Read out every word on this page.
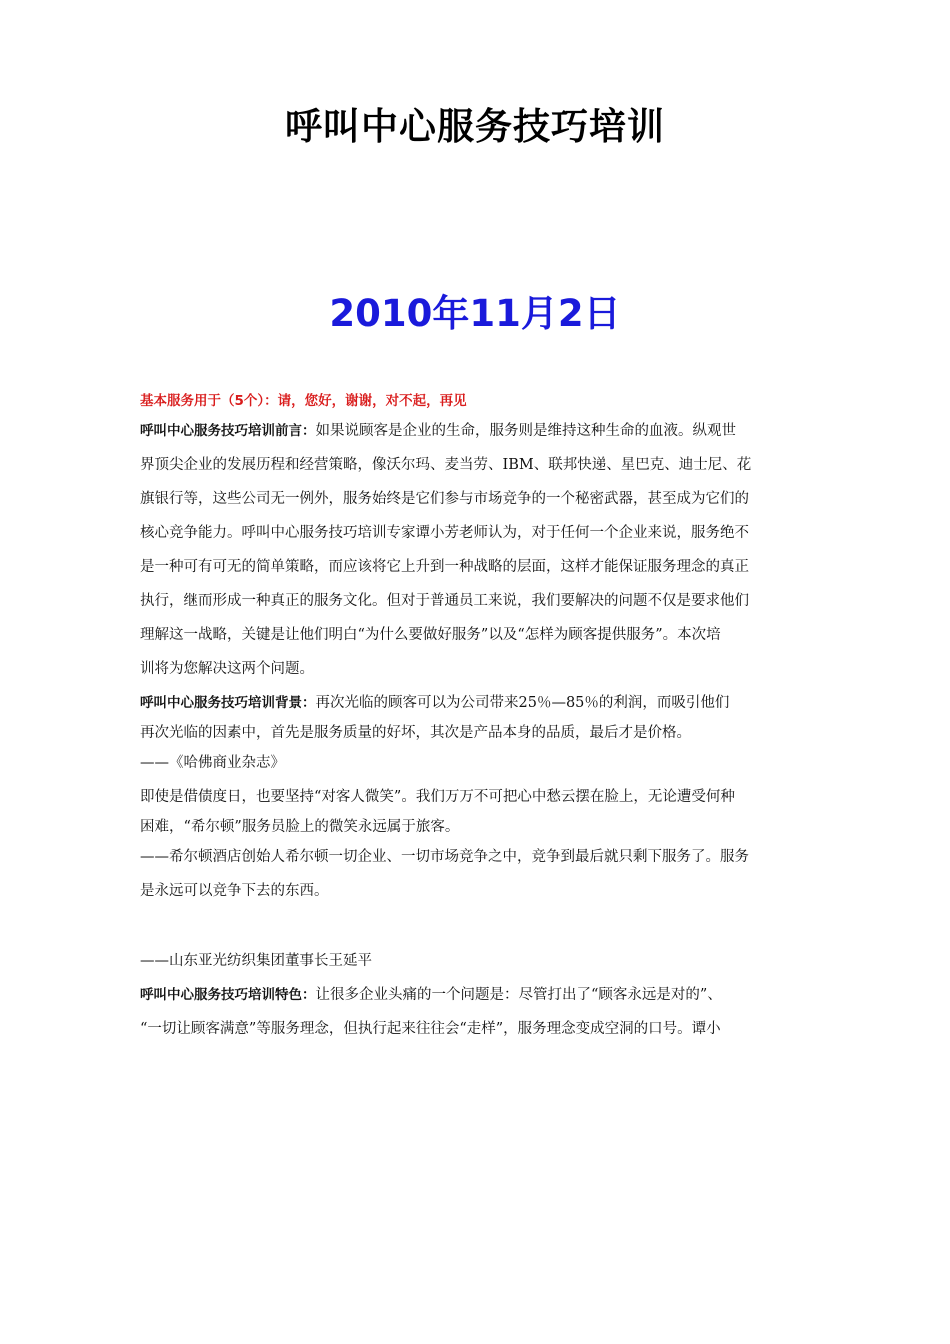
呼叫中心服务技巧培训
2010年11月2日
基本服务用于（5个）：请，您好，谢谢，对不起，再见
呼叫中心服务技巧培训前言：如果说顾客是企业的生命，服务则是维持这种生命的血液。纵观世
界顶尖企业的发展历程和经营策略，像沃尔玛、麦当劳、IBM、联邦快递、星巴克、迪士尼、花
旗银行等，这些公司无一例外，服务始终是它们参与市场竞争的一个秘密武器，甚至成为它们的
核心竞争能力。呼叫中心服务技巧培训专家谭小芳老师认为，对于任何一个企业来说，服务绝不
是一种可有可无的简单策略，而应该将它上升到一种战略的层面，这样才能保证服务理念的真正
执行，继而形成一种真正的服务文化。但对于普通员工来说，我们要解决的问题不仅是要求他们
理解这一战略，关键是让他们明白“为什么要做好服务”以及“怎样为顾客提供服务”。本次培
训将为您解决这两个问题。
呼叫中心服务技巧培训背景：再次光临的顾客可以为公司带来25％—85％的利润，而吸引他们
再次光临的因素中，首先是服务质量的好坏，其次是产品本身的品质，最后才是价格。
——《哈佛商业杂志》
即使是借债度日，也要坚持“对客人微笑”。我们万万不可把心中愁云摆在脸上，无论遭受何种
困难，“希尔顿”服务员脸上的微笑永远属于旅客。
——希尔顿酒店创始人希尔顿一切企业、一切市场竞争之中，竞争到最后就只剩下服务了。服务
是永远可以竞争下去的东西。
——山东亚光纺织集团董事长王延平
呼叫中心服务技巧培训特色：让很多企业头痛的一个问题是：尽管打出了“顾客永远是对的”、
“一切让顾客满意”等服务理念，但执行起来往往会“走样”，服务理念变成空洞的口号。谭小
